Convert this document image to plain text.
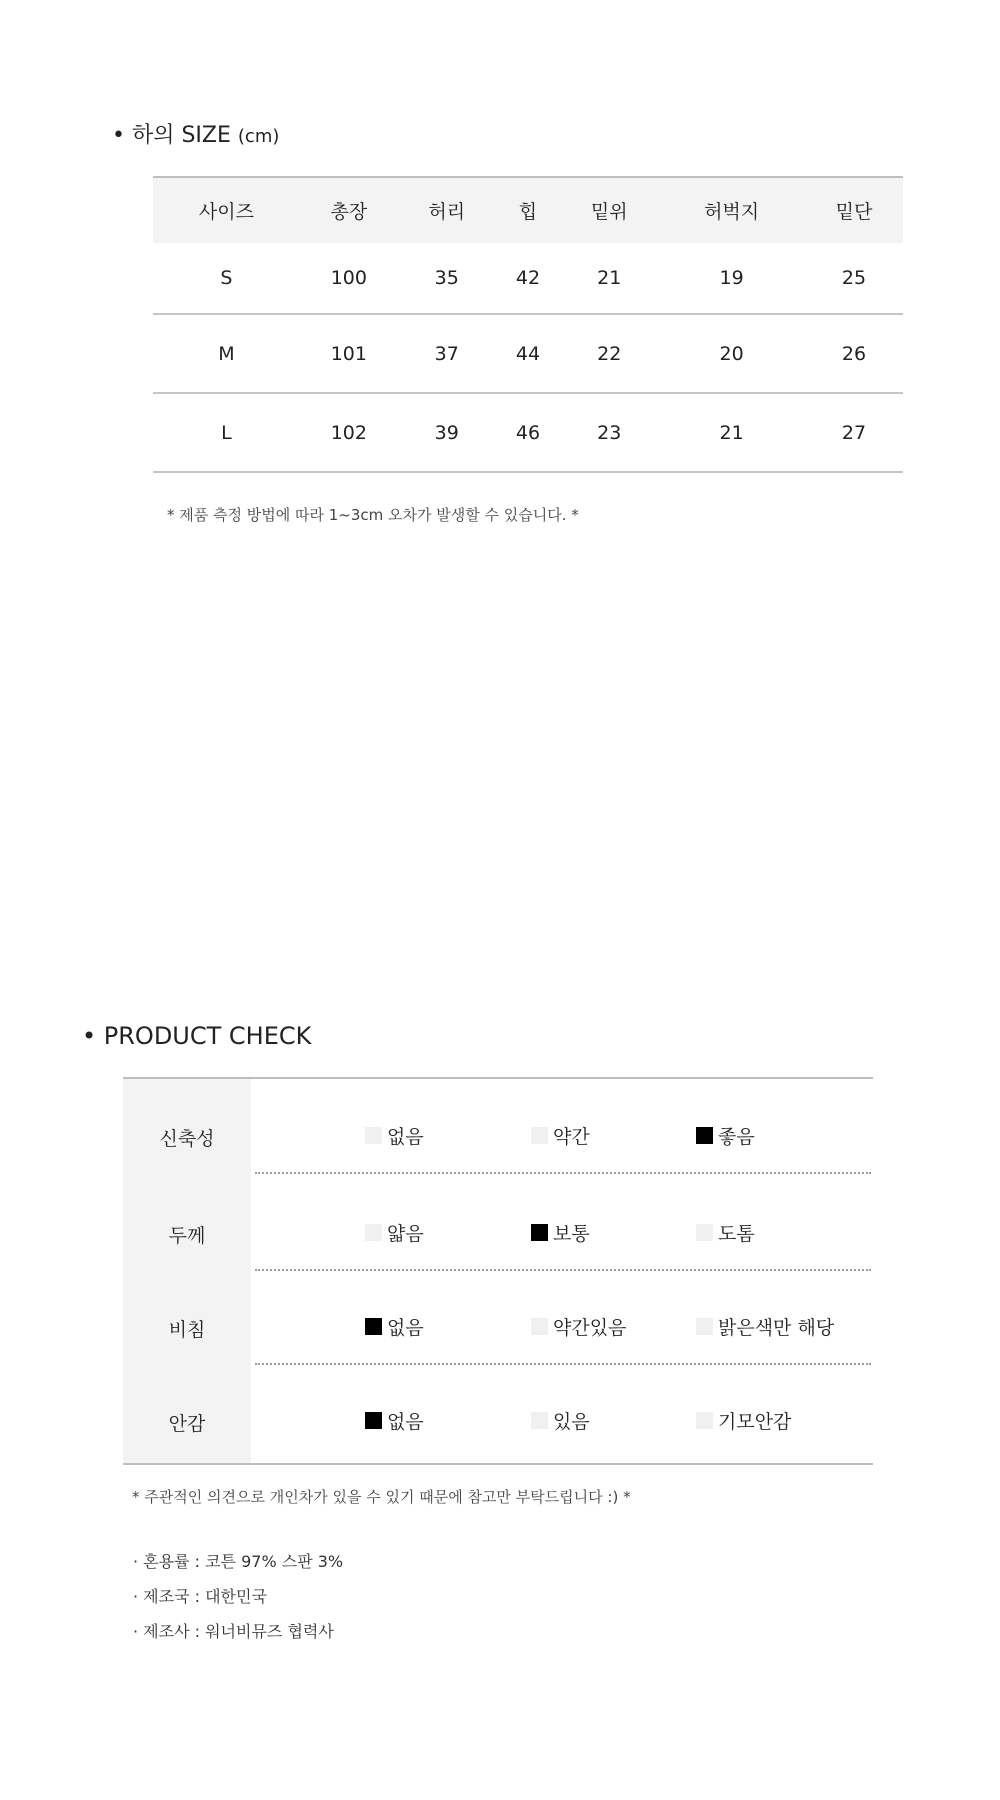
• 하의 SIZE (cm)
사이즈	총장	허리	힙	밑위	허벅지	밑단
S	100	35	42	21	19	25
M	101	37	44	22	20	26
L	102	39	46	23	21	27
* 제품 측정 방법에 따라 1~3cm 오차가 발생할 수 있습니다. *
• PRODUCT CHECK
신축성	없음	약간	좋음
두께	얇음	보통	도톰
비침	없음	약간있음	밝은색만 해당
안감	없음	있음	기모안감
* 주관적인 의견으로 개인차가 있을 수 있기 때문에 참고만 부탁드립니다 :) *
· 혼용률 : 코튼 97% 스판 3%
· 제조국 : 대한민국
· 제조사 : 워너비뮤즈 협력사
